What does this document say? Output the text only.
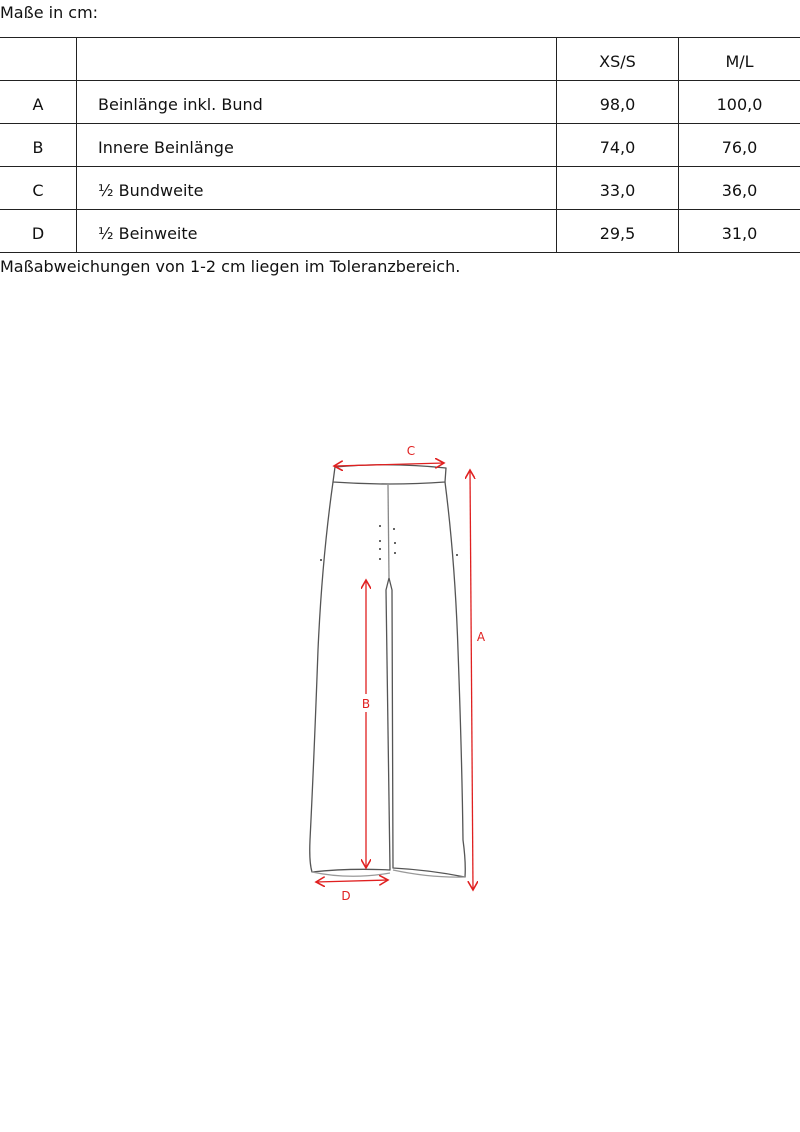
Maße in cm:
		XS/S	M/L
A	Beinlänge inkl. Bund	98,0	100,0
B	Innere Beinlänge	74,0	76,0
C	½ Bundweite	33,0	36,0
D	½ Beinweite	29,5	31,0
Maßabweichungen von 1-2 cm liegen im Toleranzbereich.
C
A
B
D
